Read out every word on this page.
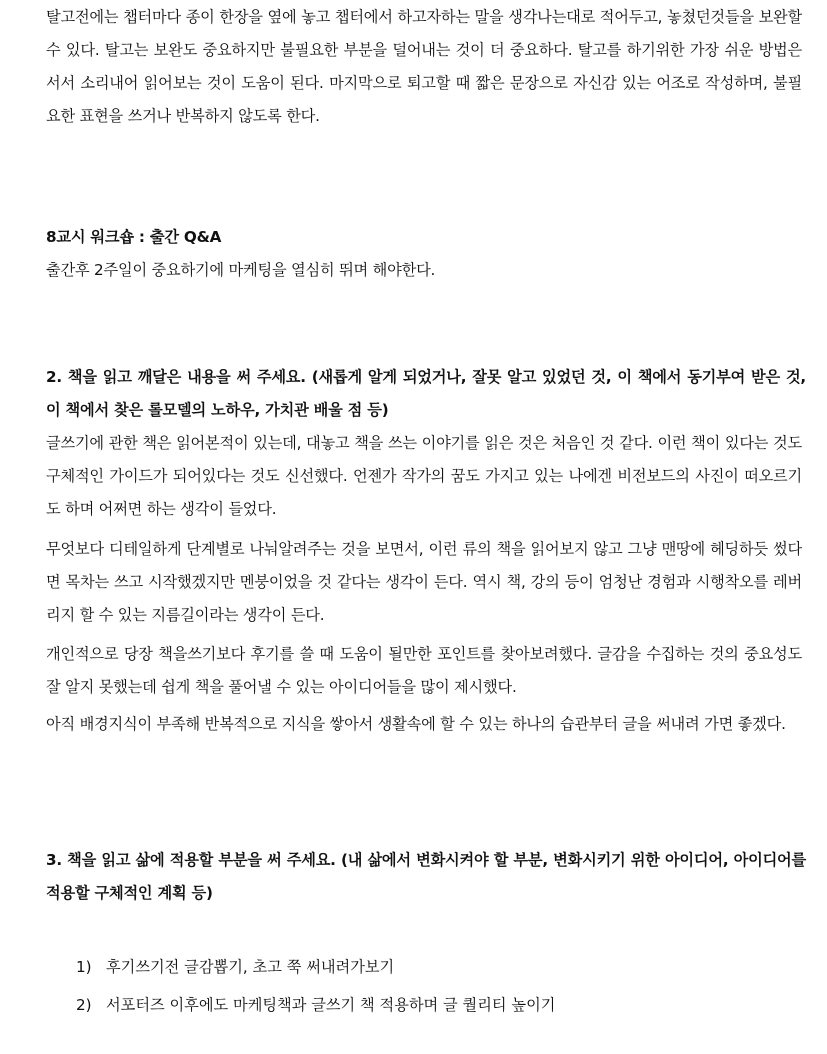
탈고전에는 챕터마다 종이 한장을 옆에 놓고 챕터에서 하고자하는 말을 생각나는대로 적어두고, 놓쳤던것들을 보완할 수 있다. 탈고는 보완도 중요하지만 불필요한 부분을 덜어내는 것이 더 중요하다. 탈고를 하기위한 가장 쉬운 방법은 서서 소리내어 읽어보는 것이 도움이 된다. 마지막으로 퇴고할 때 짧은 문장으로 자신감 있는 어조로 작성하며, 불필요한 표현을 쓰거나 반복하지 않도록 한다.

8교시 워크숍 : 출간 Q&A

출간후 2주일이 중요하기에 마케팅을 열심히 뛰며 해야한다.

2. 책을 읽고 깨달은 내용을 써 주세요. (새롭게 알게 되었거나, 잘못 알고 있었던 것, 이 책에서 동기부여 받은 것, 이 책에서 찾은 롤모델의 노하우, 가치관 배울 점 등)

글쓰기에 관한 책은 읽어본적이 있는데, 대놓고 책을 쓰는 이야기를 읽은 것은 처음인 것 같다. 이런 책이 있다는 것도 구체적인 가이드가 되어있다는 것도 신선했다. 언젠가 작가의 꿈도 가지고 있는 나에겐 비전보드의 사진이 떠오르기도 하며 어쩌면 하는 생각이 들었다.

무엇보다 디테일하게 단계별로 나눠알려주는 것을 보면서, 이런 류의 책을 읽어보지 않고 그냥 맨땅에 헤딩하듯 썼다면 목차는 쓰고 시작했겠지만 멘붕이었을 것 같다는 생각이 든다. 역시 책, 강의 등이 엄청난 경험과 시행착오를 레버리지 할 수 있는 지름길이라는 생각이 든다.

개인적으로 당장 책을쓰기보다 후기를 쓸 때 도움이 될만한 포인트를 찾아보려했다. 글감을 수집하는 것의 중요성도 잘 알지 못했는데 쉽게 책을 풀어낼 수 있는 아이디어들을 많이 제시했다.

아직 배경지식이 부족해 반복적으로 지식을 쌓아서 생활속에 할 수 있는 하나의 습관부터 글을 써내려 가면 좋겠다.

3. 책을 읽고 삶에 적용할 부분을 써 주세요. (내 삶에서 변화시켜야 할 부분, 변화시키기 위한 아이디어, 아이디어를 적용할 구체적인 계획 등)

1) 후기쓰기전 글감뽑기, 초고 쭉 써내려가보기
2) 서포터즈 이후에도 마케팅책과 글쓰기 책 적용하며 글 퀄리티 높이기
